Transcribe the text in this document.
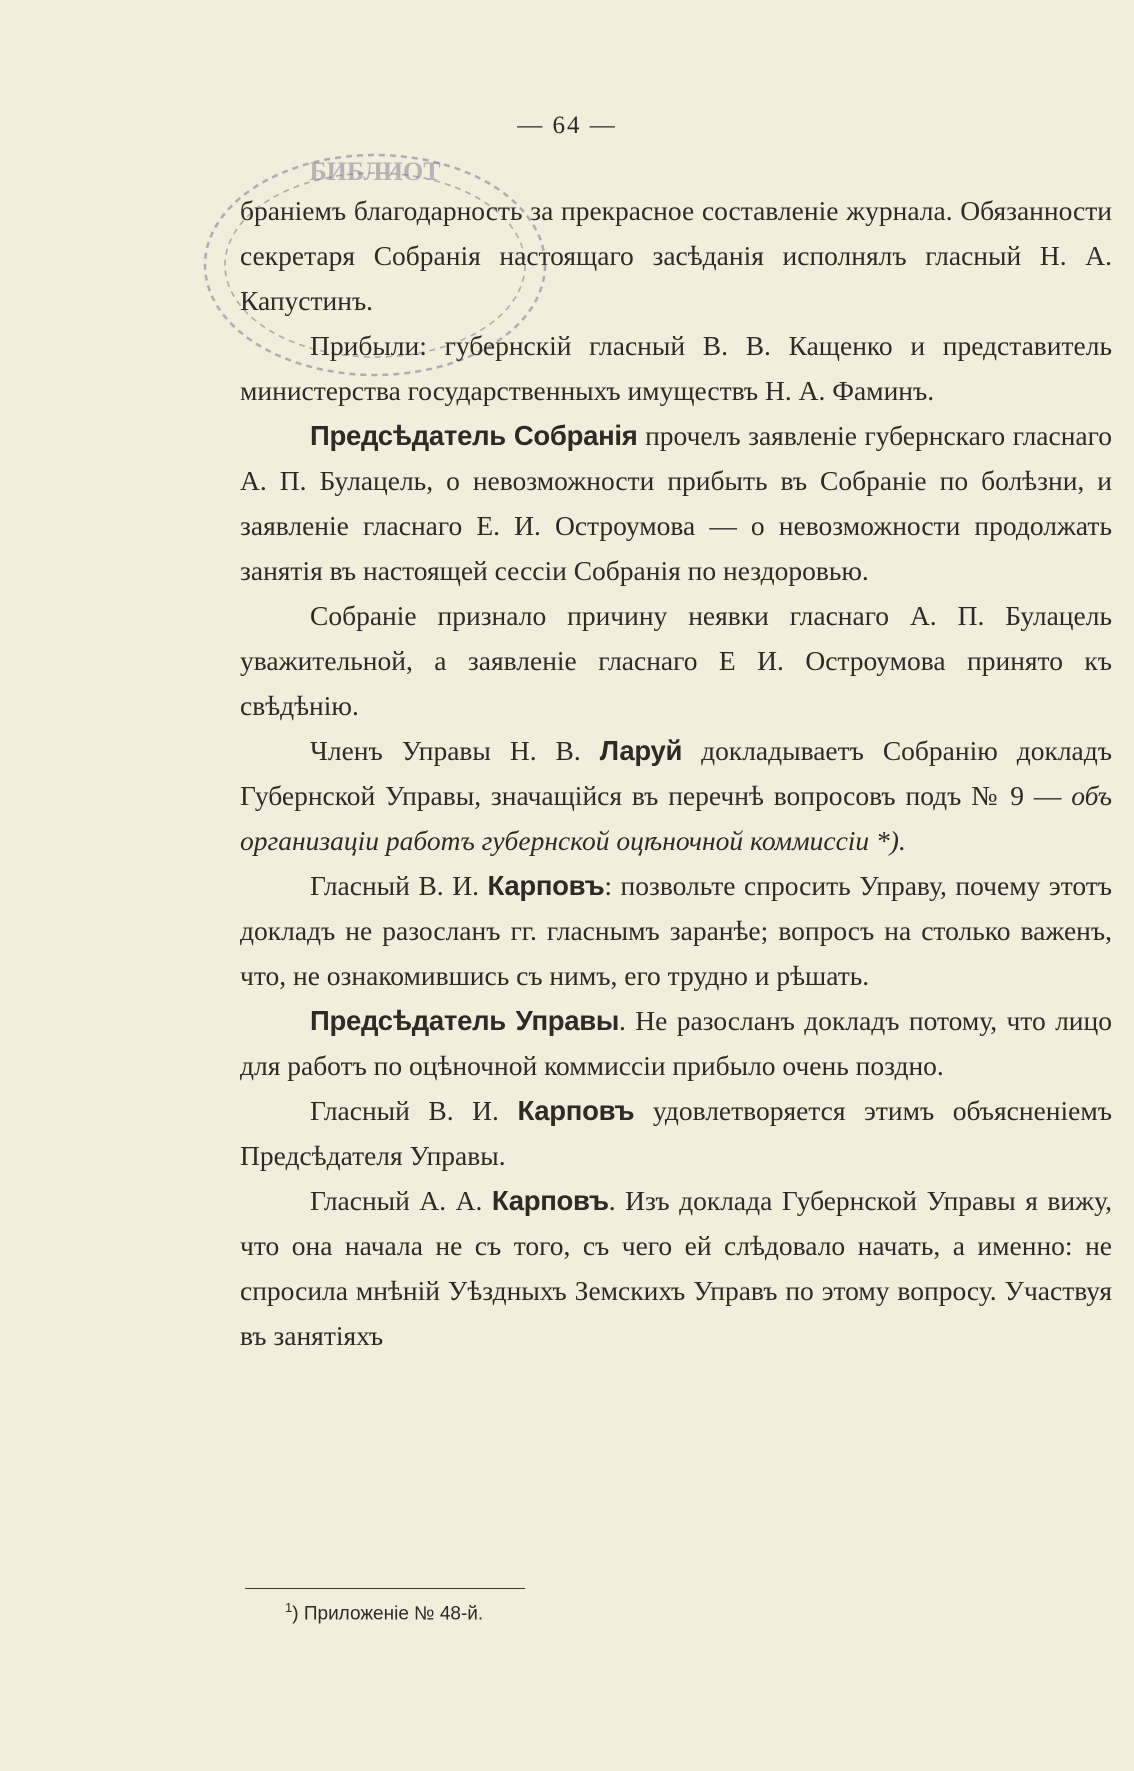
— 64 —
БИБЛИОТ

браніемъ благодарность за прекрасное составленіе журнала. Обязанности секретаря Собранія настоящаго засѣданія исполнялъ гласный Н. А. Капустинъ.

Прибыли: губернскій гласный В. В. Кащенко и представитель министерства государственныхъ имуществъ Н. А. Фаминъ.

Предсѣдатель Собранія прочелъ заявленіе губернскаго гласнаго А. П. Булацель, о невозможности прибыть въ Собраніе по болѣзни, и заявленіе гласнаго Е. И. Остроумова — о невозможности продолжать занятія въ настоящей сессіи Собранія по нездоровью.

Собраніе признало причину неявки гласнаго А. П. Булацель уважительной, а заявленіе гласнаго Е И. Остроумова принято къ свѣдѣнію.

Членъ Управы Н. В. Ларуй докладываетъ Собранію докладъ Губернской Управы, значащійся въ перечнѣ вопросовъ подъ № 9 — объ организаціи работъ губернской оцѣночной коммиссіи *).

Гласный В. И. Карповъ: позвольте спросить Управу, почему этотъ докладъ не разосланъ гг. гласнымъ заранѣе; вопросъ на столько важенъ, что, не ознакомившись съ нимъ, его трудно и рѣшать.

Предсѣдатель Управы. Не разосланъ докладъ потому, что лицо для работъ по оцѣночной коммиссіи прибыло очень поздно.

Гласный В. И. Карповъ удовлетворяется этимъ объясненіемъ Предсѣдателя Управы.

Гласный А. А. Карповъ. Изъ доклада Губернской Управы я вижу, что она начала не съ того, съ чего ей слѣдовало начать, а именно: не спросила мнѣній Уѣздныхъ Земскихъ Управъ по этому вопросу. Участвуя въ занятіяхъ

$^1$) Приложеніе № 48-й.
